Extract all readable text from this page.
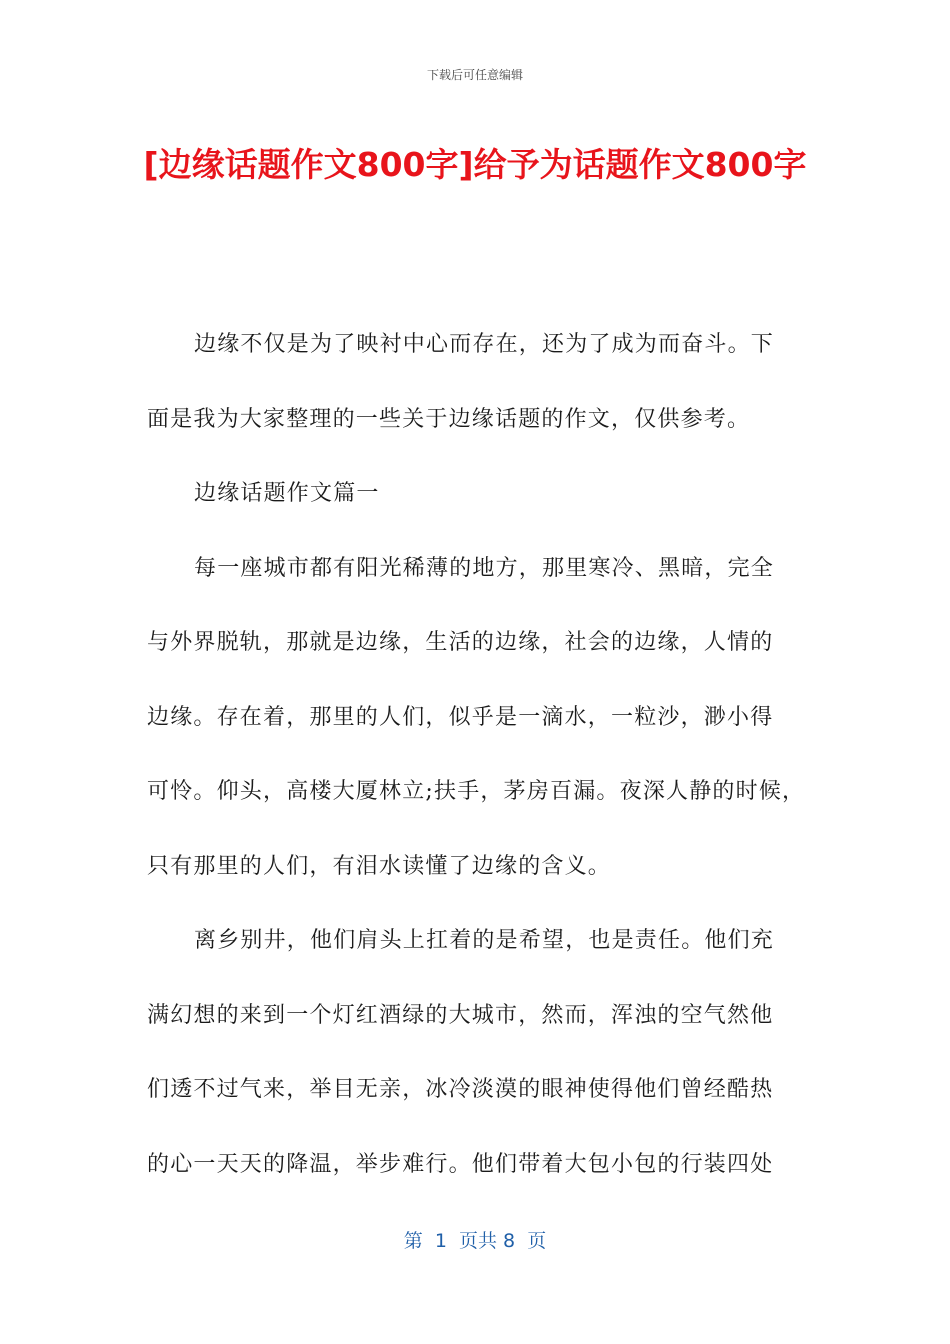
下载后可任意编辑
[边缘话题作文800字]给予为话题作文800字
边缘不仅是为了映衬中心而存在，还为了成为而奋斗。下
面是我为大家整理的一些关于边缘话题的作文，仅供参考。
边缘话题作文篇一
每一座城市都有阳光稀薄的地方，那里寒冷、黑暗，完全
与外界脱轨，那就是边缘，生活的边缘，社会的边缘，人情的
边缘。存在着，那里的人们，似乎是一滴水，一粒沙，渺小得
可怜。仰头，高楼大厦林立;扶手，茅房百漏。夜深人静的时候，
只有那里的人们，有泪水读懂了边缘的含义。
离乡别井，他们肩头上扛着的是希望，也是责任。他们充
满幻想的来到一个灯红酒绿的大城市，然而，浑浊的空气然他
们透不过气来，举目无亲，冰冷淡漠的眼神使得他们曾经酷热
的心一天天的降温，举步难行。他们带着大包小包的行装四处
第  1  页共 8  页
